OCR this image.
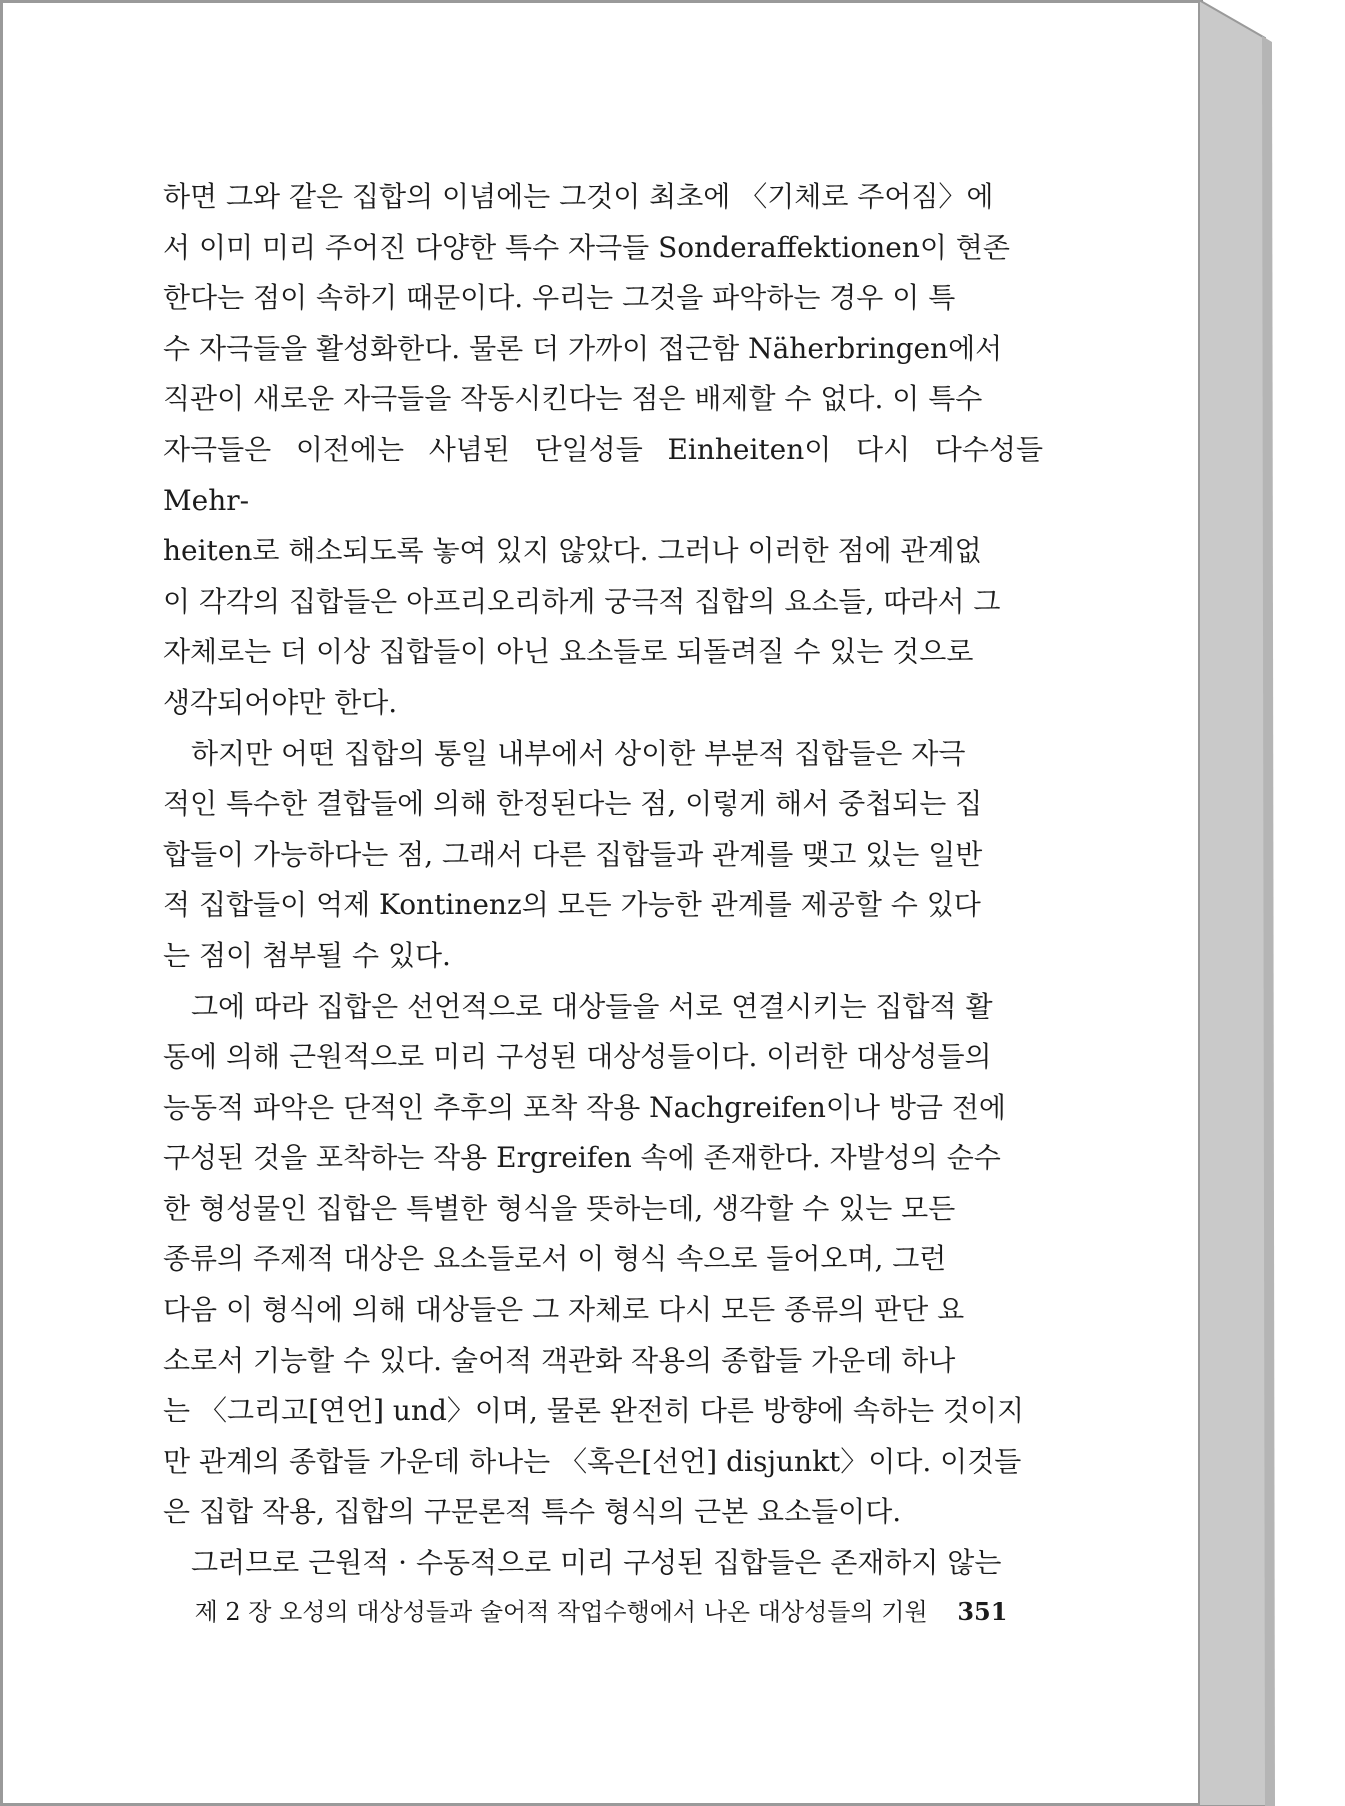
하면 그와 같은 집합의 이념에는 그것이 최초에 〈기체로 주어짐〉에
서 이미 미리 주어진 다양한 특수 자극들 Sonderaffektionen이 현존
한다는 점이 속하기 때문이다. 우리는 그것을 파악하는 경우 이 특
수 자극들을 활성화한다. 물론 더 가까이 접근함 Näherbringen에서
직관이 새로운 자극들을 작동시킨다는 점은 배제할 수 없다. 이 특수
자극들은 이전에는 사념된 단일성들 Einheiten이 다시 다수성들 Mehr-
heiten로 해소되도록 놓여 있지 않았다. 그러나 이러한 점에 관계없
이 각각의 집합들은 아프리오리하게 궁극적 집합의 요소들, 따라서 그
자체로는 더 이상 집합들이 아닌 요소들로 되돌려질 수 있는 것으로
생각되어야만 한다.

하지만 어떤 집합의 통일 내부에서 상이한 부분적 집합들은 자극
적인 특수한 결합들에 의해 한정된다는 점, 이렇게 해서 중첩되는 집
합들이 가능하다는 점, 그래서 다른 집합들과 관계를 맺고 있는 일반
적 집합들이 억제 Kontinenz의 모든 가능한 관계를 제공할 수 있다
는 점이 첨부될 수 있다.

그에 따라 집합은 선언적으로 대상들을 서로 연결시키는 집합적 활
동에 의해 근원적으로 미리 구성된 대상성들이다. 이러한 대상성들의
능동적 파악은 단적인 추후의 포착 작용 Nachgreifen이나 방금 전에
구성된 것을 포착하는 작용 Ergreifen 속에 존재한다. 자발성의 순수
한 형성물인 집합은 특별한 형식을 뜻하는데, 생각할 수 있는 모든
종류의 주제적 대상은 요소들로서 이 형식 속으로 들어오며, 그런
다음 이 형식에 의해 대상들은 그 자체로 다시 모든 종류의 판단 요
소로서 기능할 수 있다. 술어적 객관화 작용의 종합들 가운데 하나
는 〈그리고[연언] und〉이며, 물론 완전히 다른 방향에 속하는 것이지
만 관계의 종합들 가운데 하나는 〈혹은[선언] disjunkt〉이다. 이것들
은 집합 작용, 집합의 구문론적 특수 형식의 근본 요소들이다.

그러므로 근원적 · 수동적으로 미리 구성된 집합들은 존재하지 않는

제 2 장 오성의 대상성들과 술어적 작업수행에서 나온 대상성들의 기원 351
